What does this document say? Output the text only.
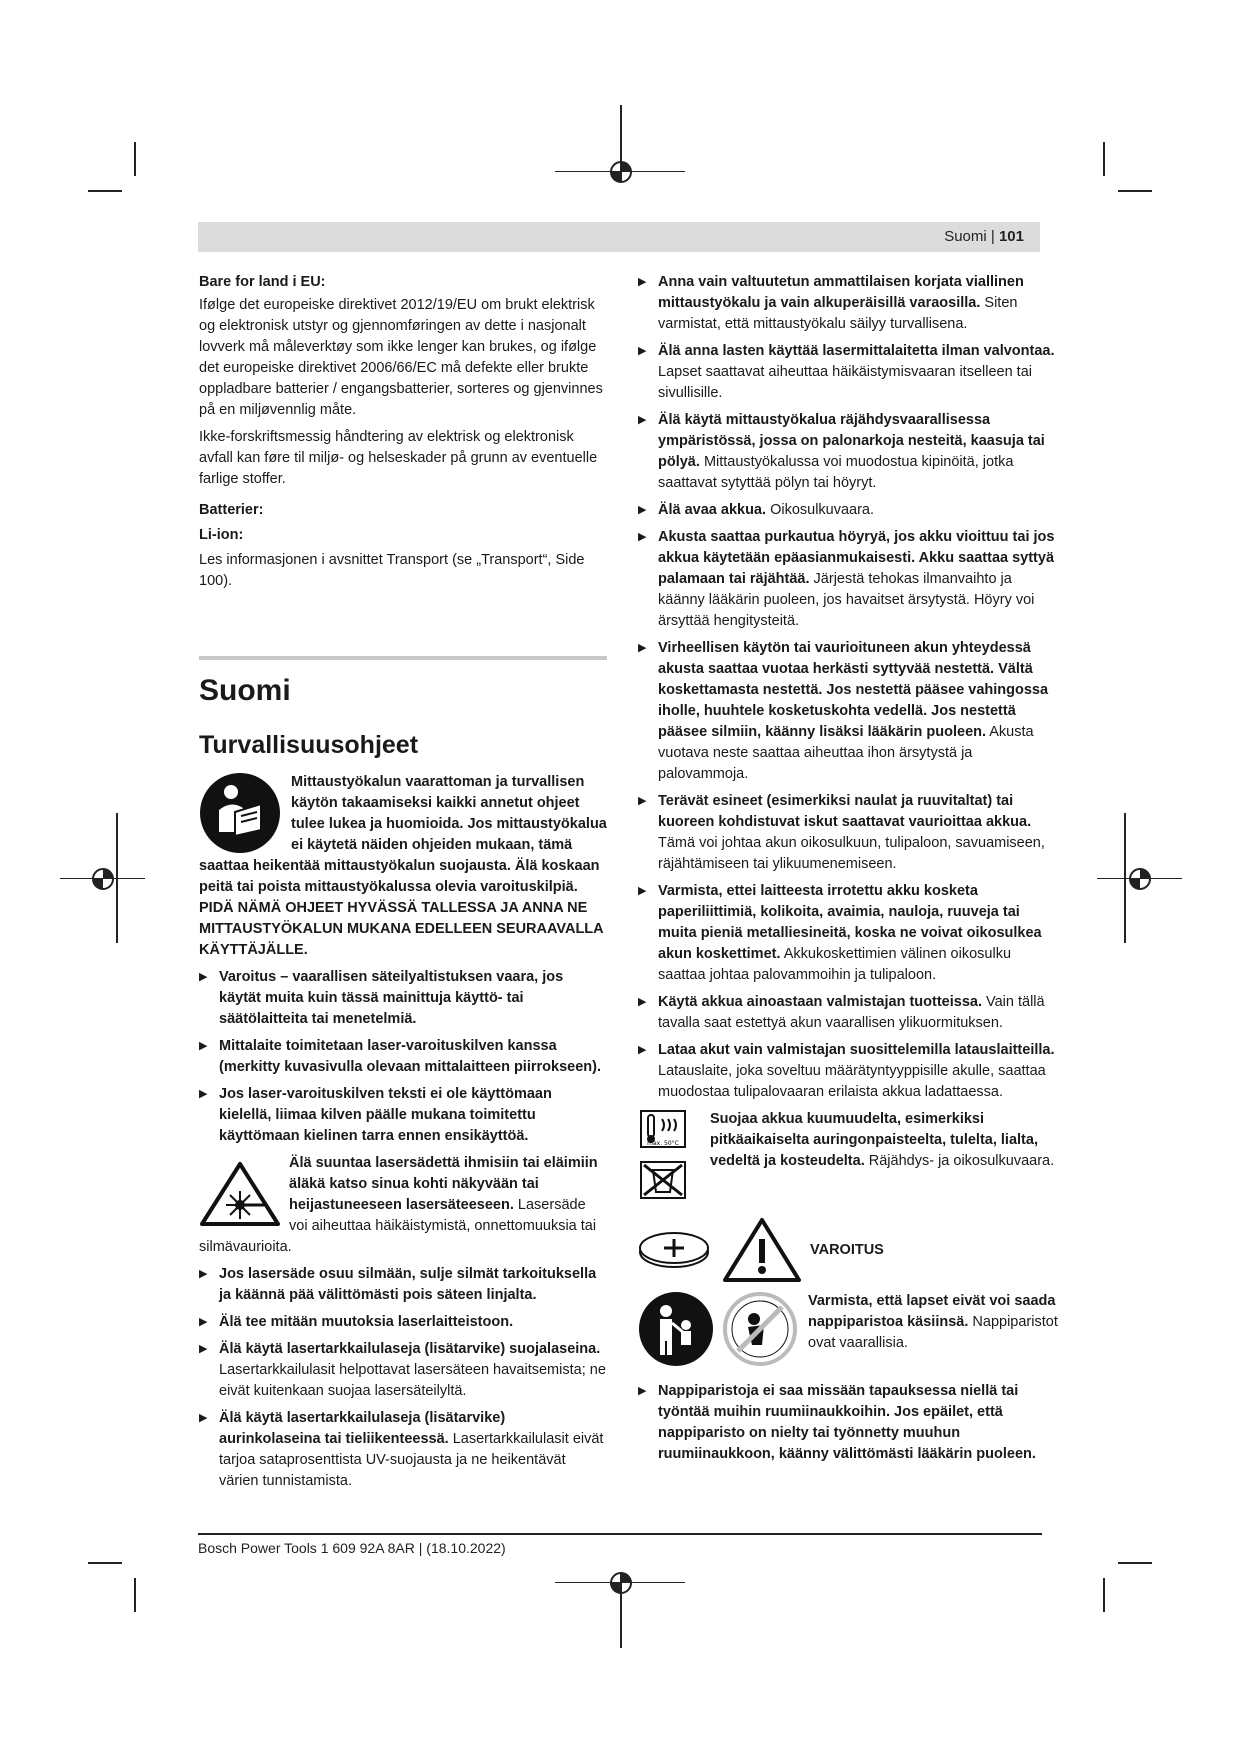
Suomi | 101

Bare for land i EU:

Ifølge det europeiske direktivet 2012/19/EU om brukt elektrisk og elektronisk utstyr og gjennomføringen av dette i nasjonalt lovverk må måleverktøy som ikke lenger kan brukes, og ifølge det europeiske direktivet 2006/66/EC må defekte eller brukte oppladbare batterier / engangsbatterier, sorteres og gjenvinnes på en miljøvennlig måte.

Ikke-forskriftsmessig håndtering av elektrisk og elektronisk avfall kan føre til miljø- og helseskader på grunn av eventuelle farlige stoffer.

Batterier:

Li-ion:

Les informasjonen i avsnittet Transport (se „Transport“, Side 100).

Suomi
Turvallisuusohjeet

Mittaustyökalun vaarattoman ja turvallisen käytön takaamiseksi kaikki annetut ohjeet tulee lukea ja huomioida. Jos mittaustyökalua ei käytetä näiden ohjeiden mukaan, tämä saattaa heikentää mittaustyökalun suojausta. Älä koskaan peitä tai poista mittaustyökalussa olevia varoituskilpiä. PIDÄ NÄMÄ OHJEET HYVÄSSÄ TALLESSA JA ANNA NE MITTAUSTYÖKALUN MUKANA EDELLEEN SEURAAVALLA KÄYTTÄJÄLLE.

▶ Varoitus – vaarallisen säteilyaltistuksen vaara, jos käytät muita kuin tässä mainittuja käyttö- tai säätölaitteita tai menetelmiä.

▶ Mittalaite toimitetaan laser-varoituskilven kanssa (merkitty kuvasivulla olevaan mittalaitteen piirrokseen).

▶ Jos laser-varoituskilven teksti ei ole käyttömaan kielellä, liimaa kilven päälle mukana toimitettu käyttömaan kielinen tarra ennen ensikäyttöä.

Älä suuntaa lasersädettä ihmisiin tai eläimiin äläkä katso sinua kohti näkyvään tai heijastuneeseen lasersäteeseen. Lasersäde voi aiheuttaa häikäistymistä, onnettomuuksia tai silmävaurioita.

▶ Jos lasersäde osuu silmään, sulje silmät tarkoituksella ja käännä pää välittömästi pois säteen linjalta.

▶ Älä tee mitään muutoksia laserlaitteistoon.

▶ Älä käytä lasertarkkailulaseja (lisätarvike) suojalaseina. Lasertarkkailulasit helpottavat lasersäteen havaitsemista; ne eivät kuitenkaan suojaa lasersäteilyltä.

▶ Älä käytä lasertarkkailulaseja (lisätarvike) aurinkolaseina tai tieliikenteessä. Lasertarkkailulasit eivät tarjoa sataprosenttista UV-suojausta ja ne heikentävät värien tunnistamista.

▶ Anna vain valtuutetun ammattilaisen korjata viallinen mittaustyökalu ja vain alkuperäisillä varaosilla. Siten varmistat, että mittaustyökalu säilyy turvallisena.

▶ Älä anna lasten käyttää lasermittalaitetta ilman valvontaa. Lapset saattavat aiheuttaa häikäistymisvaaran itselleen tai sivullisille.

▶ Älä käytä mittaustyökalua räjähdysvaarallisessa ympäristössä, jossa on palonarkoja nesteitä, kaasuja tai pölyä. Mittaustyökalussa voi muodostua kipinöitä, jotka saattavat sytyttää pölyn tai höyryt.

▶ Älä avaa akkua. Oikosulkuvaara.

▶ Akusta saattaa purkautua höyryä, jos akku vioittuu tai jos akkua käytetään epäasianmukaisesti. Akku saattaa syttyä palamaan tai räjähtää. Järjestä tehokas ilmanvaihto ja käänny lääkärin puoleen, jos havaitset ärsytystä. Höyry voi ärsyttää hengitysteitä.

▶ Virheellisen käytön tai vaurioituneen akun yhteydessä akusta saattaa vuotaa herkästi syttyvää nestettä. Vältä koskettamasta nestettä. Jos nestettä pääsee vahingossa iholle, huuhtele kosketuskohta vedellä. Jos nestettä pääsee silmiin, käänny lisäksi lääkärin puoleen. Akusta vuotava neste saattaa aiheuttaa ihon ärsytystä ja palovammoja.

▶ Terävät esineet (esimerkiksi naulat ja ruuvitaltat) tai kuoreen kohdistuvat iskut saattavat vaurioittaa akkua. Tämä voi johtaa akun oikosulkuun, tulipaloon, savuamiseen, räjähtämiseen tai ylikuumenemiseen.

▶ Varmista, ettei laitteesta irrotettu akku kosketa paperiliittimiä, kolikoita, avaimia, nauloja, ruuveja tai muita pieniä metalliesineitä, koska ne voivat oikosulkea akun koskettimet. Akkukoskettimien välinen oikosulku saattaa johtaa palovammoihin ja tulipaloon.

▶ Käytä akkua ainoastaan valmistajan tuotteissa. Vain tällä tavalla saat estettyä akun vaarallisen ylikuormituksen.

▶ Lataa akut vain valmistajan suosittelemilla latauslaitteilla. Latauslaite, joka soveltuu määrätyntyyppisille akulle, saattaa muodostaa tulipalovaaran erilaista akkua ladattaessa.

max. 50°C

Suojaa akkua kuumuudelta, esimerkiksi pitkäaikaiselta auringonpaisteelta, tulelta, lialta, vedeltä ja kosteudelta. Räjähdys- ja oikosulkuvaara.

VAROITUS

Varmista, että lapset eivät voi saada nappiparistoa käsiinsä. Nappiparistot ovat vaarallisia.

▶ Nappiparistoja ei saa missään tapauksessa niellä tai työntää muihin ruumiinaukkoihin. Jos epäilet, että nappiparisto on nielty tai työnnetty muuhun ruumiinaukkoon, käänny välittömästi lääkärin puoleen.

Bosch Power Tools 1 609 92A 8AR | (18.10.2022)
